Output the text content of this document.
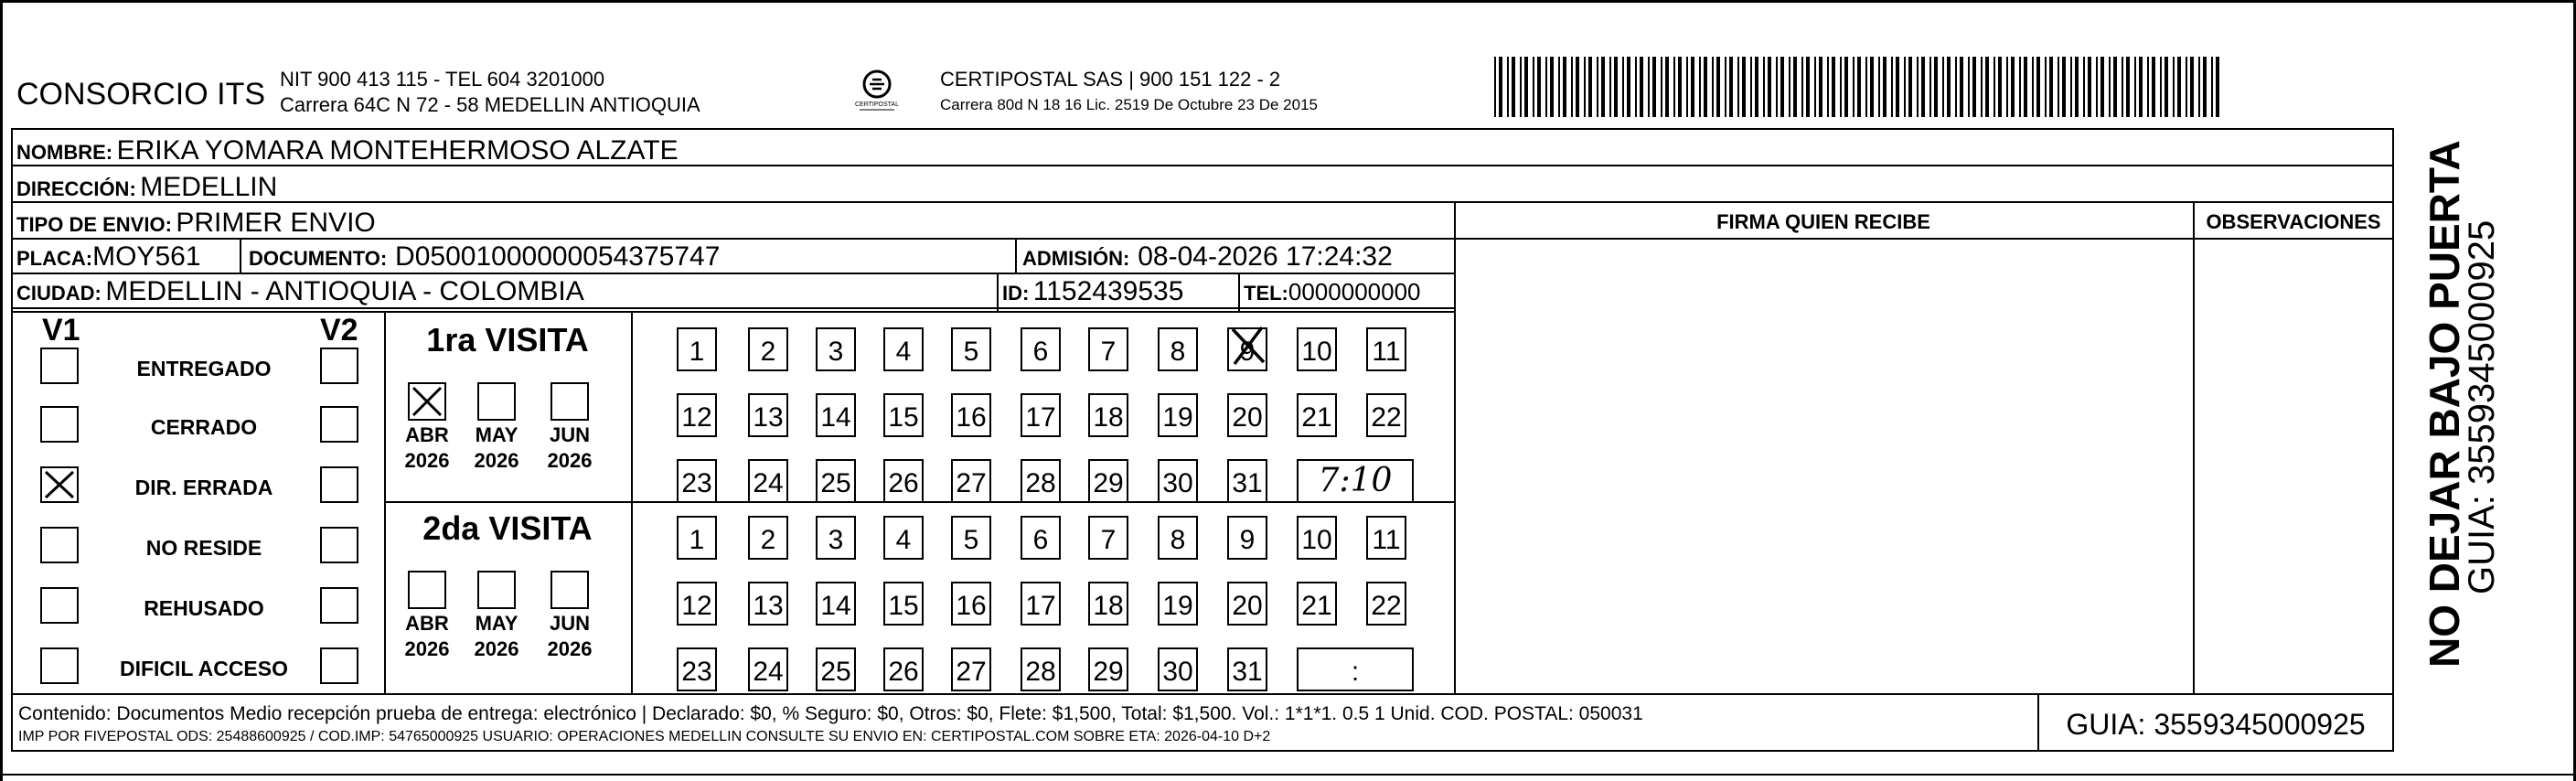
CONSORCIO ITS NIT 900 413 115 - TEL 604 3201000
Carrera 64C N 72 - 58 MEDELLIN ANTIOQUIA	CERTIPOSTAL
CERTIPOSTAL SAS | 900 151 122 - 2
Carrera 80d N 18 16 Lic. 2519 De Octubre 23 De 2015
NOMBRE: ERIKA YOMARA MONTEHERMOSO ALZATE
DIRECCIÓN: MEDELLIN
TIPO DE ENVIO: PRIMER ENVIO	FIRMA QUIEN RECIBE	OBSERVACIONES
PLACA:MOY561 DOCUMENTO: D05001000000054375747	ADMISIÓN: 08-04-2026 17:24:32
CIUDAD: MEDELLIN - ANTIOQUIA - COLOMBIA	ID: 1152439535	TEL:0000000000
V1	V2
ENTREGADO
CERRADO
DIR. ERRADA
NO RESIDE
REHUSADO
DIFICIL ACCESO
1ra VISITA
ABR
2026
MAY
2026
JUN
2026
1 2 3 4 5 6 7 8 9 10 11
12 13 14 15 16 17 18 19 20 21 22
23 24 25 26 27 28 29 30 31 7:10
2da VISITA
ABR
2026
MAY
2026
JUN
2026
1 2 3 4 5 6 7 8 9 10 11
12 13 14 15 16 17 18 19 20 21 22
23 24 25 26 27 28 29 30 31	:
Contenido: Documentos Medio recepción prueba de entrega: electrónico | Declarado: $0, % Seguro: $0, Otros: $0, Flete: $1,500, Total: $1,500. Vol.: 1*1*1. 0.5 1 Unid. COD. POSTAL: 050031
IMP POR FIVEPOSTAL ODS: 25488600925 / COD.IMP: 54765000925 USUARIO: OPERACIONES MEDELLIN CONSULTE SU ENVIO EN: CERTIPOSTAL.COM SOBRE ETA: 2026-04-10 D+2	GUIA: 3559345000925
NO DEJAR BAJO PUERTA
GUIA: 3559345000925
